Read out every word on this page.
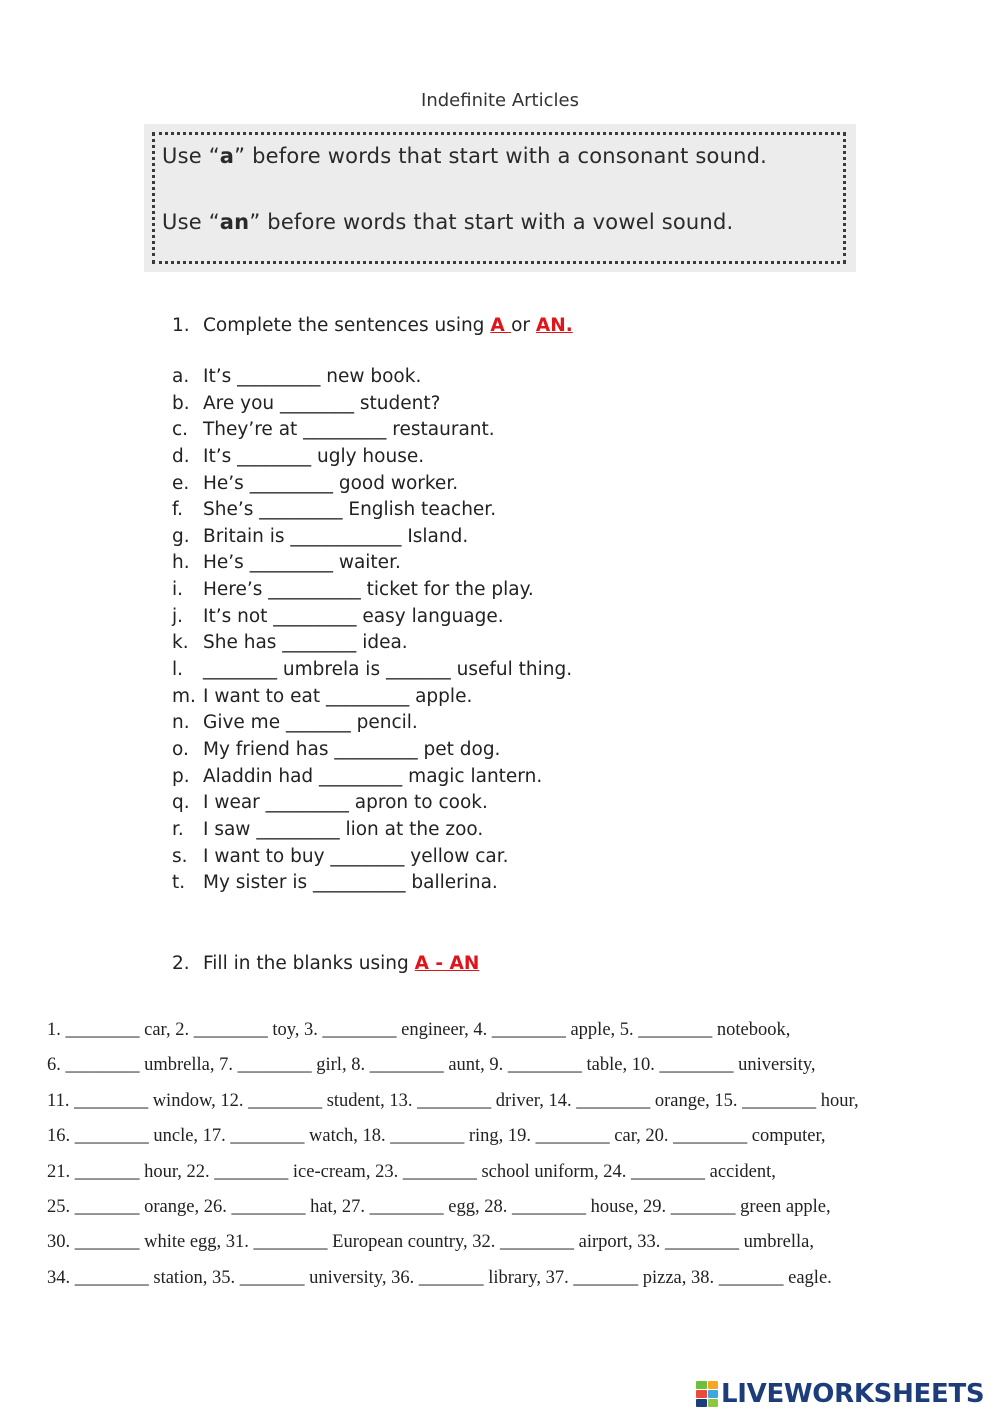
Indefinite Articles
Use “a” before words that start with a consonant sound.
Use “an” before words that start with a vowel sound.
1. Complete the sentences using A or AN.
a. It’s _________ new book.
b. Are you ________ student?
c. They’re at _________ restaurant.
d. It’s ________ ugly house.
e. He’s _________ good worker.
f. She’s _________ English teacher.
g. Britain is ____________ Island.
h. He’s _________ waiter.
i. Here’s __________ ticket for the play.
j. It’s not _________ easy language.
k. She has ________ idea.
l. ________ umbrela is _______ useful thing.
m. I want to eat _________ apple.
n. Give me _______ pencil.
o. My friend has _________ pet dog.
p. Aladdin had _________ magic lantern.
q. I wear _________ apron to cook.
r. I saw _________ lion at the zoo.
s. I want to buy ________ yellow car.
t. My sister is __________ ballerina.
2. Fill in the blanks using A - AN
1. ________ car, 2. ________ toy, 3. ________ engineer, 4. ________ apple, 5. ________ notebook,
6. ________ umbrella, 7. ________ girl, 8. ________ aunt, 9. ________ table, 10. ________ university,
11. ________ window, 12. ________ student, 13. ________ driver, 14. ________ orange, 15. ________ hour,
16. ________ uncle, 17. ________ watch, 18. ________ ring, 19. ________ car, 20. ________ computer,
21. _______ hour, 22. ________ ice-cream, 23. ________ school uniform, 24. ________ accident,
25. _______ orange, 26. ________ hat, 27. ________ egg, 28. ________ house, 29. _______ green apple,
30. _______ white egg, 31. ________ European country, 32. ________ airport, 33. ________ umbrella,
34. ________ station, 35. _______ university, 36. _______ library, 37. _______ pizza, 38. _______ eagle.
LIVEWORKSHEETS
